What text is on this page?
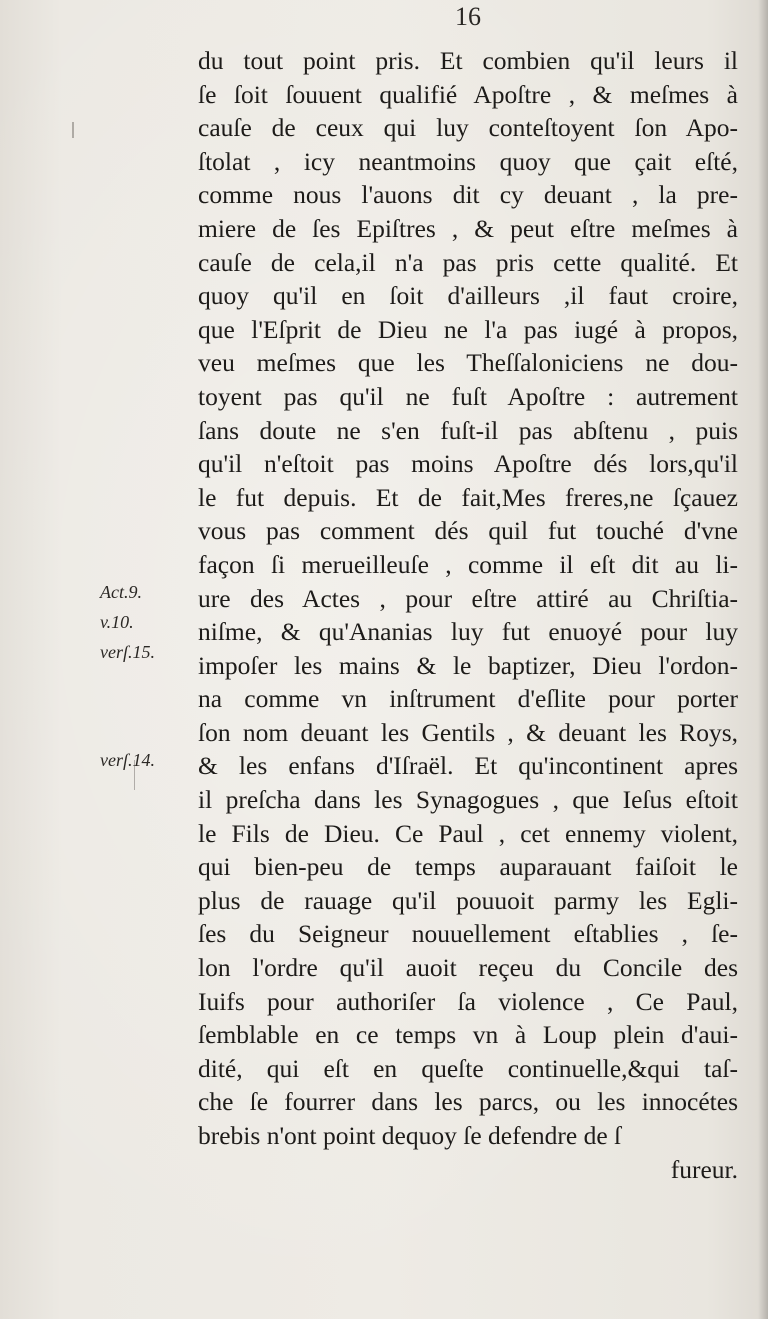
16
Act.9.
v.10.
verſ.15.
verſ.14.
du tout point pris. Et combien qu'il leurs il
ſe ſoit ſouuent qualifié Apoſtre , & meſmes à
cauſe de ceux qui luy conteſtoyent ſon Apo-
ſtolat , icy neantmoins quoy que çait eſté,
comme nous l'auons dit cy deuant , la pre-
miere de ſes Epiſtres , & peut eſtre meſmes à
cauſe de cela,il n'a pas pris cette qualité. Et
quoy qu'il en ſoit d'ailleurs ,il faut croire,
que l'Eſprit de Dieu ne l'a pas iugé à propos,
veu meſmes que les Theſſaloniciens ne dou-
toyent pas qu'il ne fuſt Apoſtre : autrement
ſans doute ne s'en fuſt-il pas abſtenu , puis
qu'il n'eſtoit pas moins Apoſtre dés lors,qu'il
le fut depuis. Et de fait,Mes freres,ne ſçauez
vous pas comment dés quil fut touché d'vne
façon ſi merueilleuſe , comme il eſt dit au li-
ure des Actes , pour eſtre attiré au Chriſtia-
niſme, & qu'Ananias luy fut enuoyé pour luy
impoſer les mains & le baptizer, Dieu l'ordon-
na comme vn inſtrument d'eſlite pour porter
ſon nom deuant les Gentils , & deuant les Roys,
& les enfans d'Iſraël. Et qu'incontinent apres
il preſcha dans les Synagogues , que Ieſus eſtoit
le Fils de Dieu. Ce Paul , cet ennemy violent,
qui bien-peu de temps auparauant faiſoit le
plus de rauage qu'il pouuoit parmy les Egli-
ſes du Seigneur nouuellement eſtablies , ſe-
lon l'ordre qu'il auoit reçeu du Concile des
Iuifs pour authoriſer ſa violence , Ce Paul,
ſemblable en ce temps vn à Loup plein d'aui-
dité, qui eſt en queſte continuelle,&qui taſ-
che ſe fourrer dans les parcs, ou les innocétes
brebis n'ont point dequoy ſe defendre de ſ
fureur.
